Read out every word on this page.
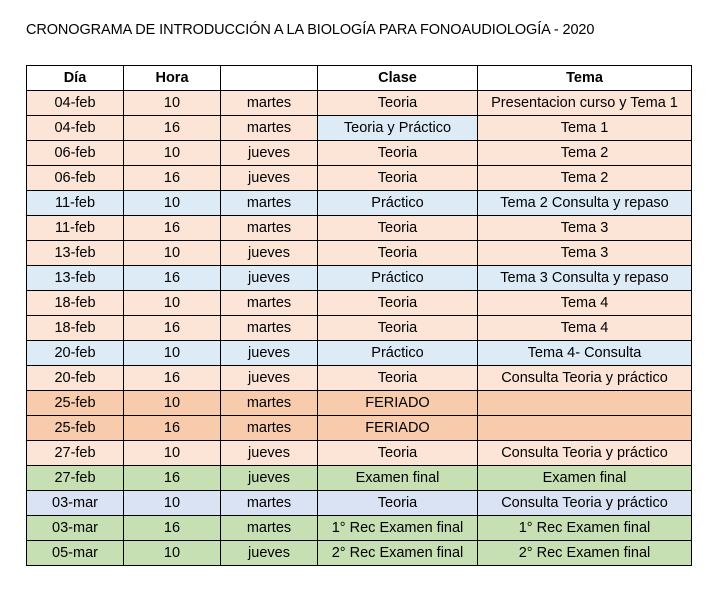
CRONOGRAMA DE INTRODUCCIÓN A LA BIOLOGÍA PARA FONOAUDIOLOGÍA - 2020
Día	Hora		Clase	Tema
04-feb	10	martes	Teoria	Presentacion curso y Tema 1
04-feb	16	martes	Teoria y Práctico	Tema 1
06-feb	10	jueves	Teoria	Tema 2
06-feb	16	jueves	Teoria	Tema 2
11-feb	10	martes	Práctico	Tema 2 Consulta y repaso
11-feb	16	martes	Teoria	Tema 3
13-feb	10	jueves	Teoria	Tema 3
13-feb	16	jueves	Práctico	Tema 3 Consulta y repaso
18-feb	10	martes	Teoria	Tema 4
18-feb	16	martes	Teoria	Tema 4
20-feb	10	jueves	Práctico	Tema 4- Consulta
20-feb	16	jueves	Teoria	Consulta Teoria y práctico
25-feb	10	martes	FERIADO	
25-feb	16	martes	FERIADO	
27-feb	10	jueves	Teoria	Consulta Teoria y práctico
27-feb	16	jueves	Examen final	Examen final
03-mar	10	martes	Teoria	Consulta Teoria y práctico
03-mar	16	martes	1° Rec Examen final	1° Rec Examen final
05-mar	10	jueves	2° Rec Examen final	2° Rec Examen final
